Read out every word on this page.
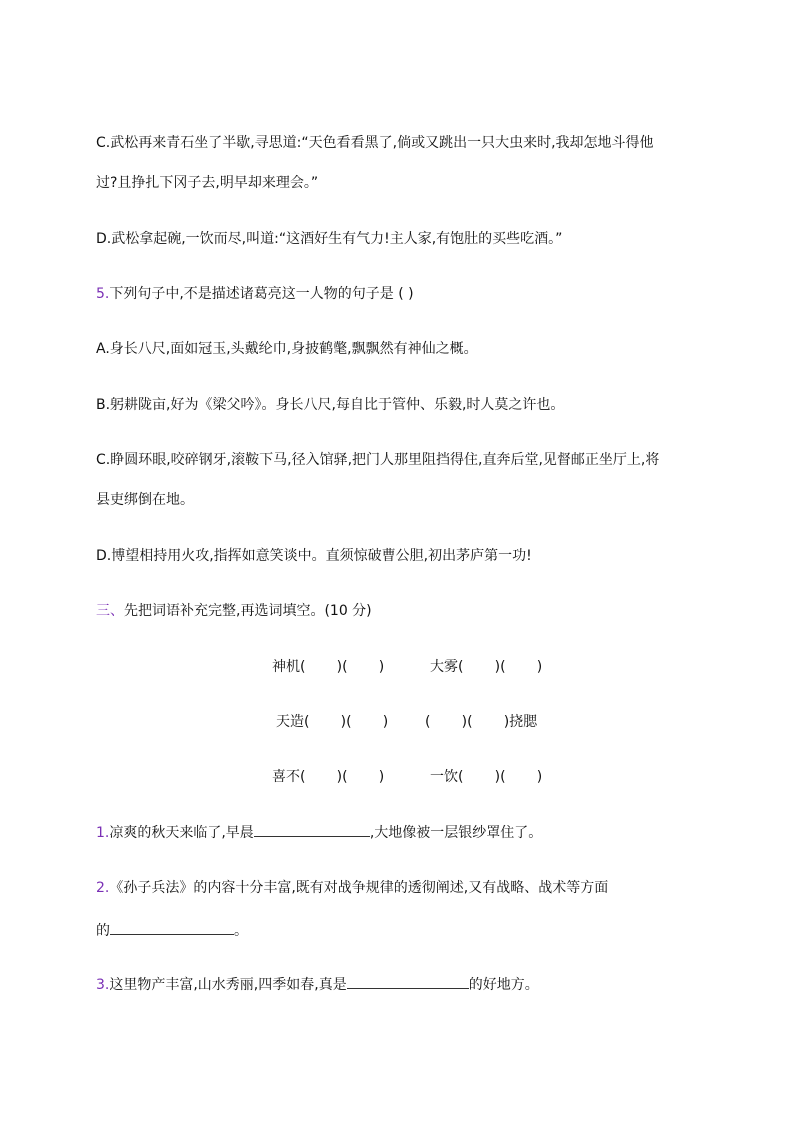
C.武松再来青石坐了半歇,寻思道:“天色看看黑了,倘或又跳出一只大虫来时,我却怎地斗得他
过?且挣扎下冈子去,明早却来理会。”
D.武松拿起碗,一饮而尽,叫道:“这酒好生有气力!主人家,有饱肚的买些吃酒。”
5.下列句子中,不是描述诸葛亮这一人物的句子是 ( )
A.身长八尺,面如冠玉,头戴纶巾,身披鹤氅,飘飘然有神仙之概。
B.躬耕陇亩,好为《梁父吟》。身长八尺,每自比于管仲、乐毅,时人莫之许也。
C.睁圆环眼,咬碎钢牙,滚鞍下马,径入馆驿,把门人那里阻挡得住,直奔后堂,见督邮正坐厅上,将
县吏绑倒在地。
D.博望相持用火攻,指挥如意笑谈中。直须惊破曹公胆,初出茅庐第一功!
三、先把词语补充完整,再选词填空。(10 分)
神机(       )(       )	大雾(       )(       )
天造(       )(       )	(       )(       )挠腮
喜不(       )(       )	一饮(       )(       )
1.凉爽的秋天来临了,早晨	,大地像被一层银纱罩住了。
2.《孙子兵法》的内容十分丰富,既有对战争规律的透彻阐述,又有战略、战术等方面
的	。
3.这里物产丰富,山水秀丽,四季如春,真是	的好地方。
